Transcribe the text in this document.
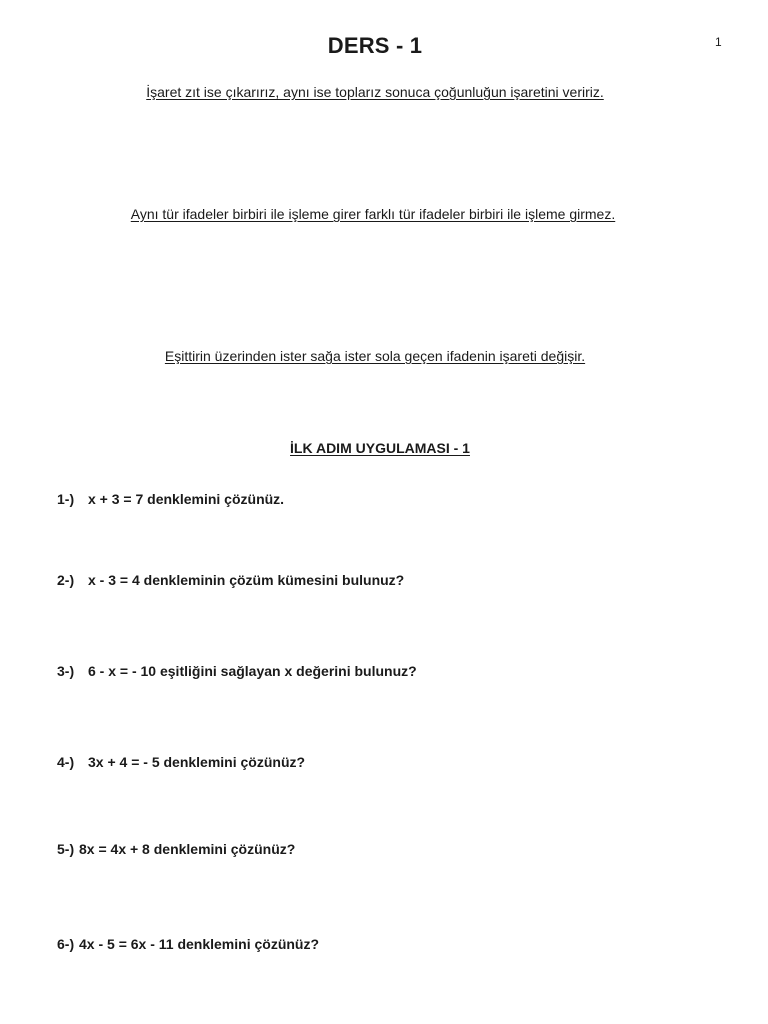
DERS - 1	1
İşaret zıt ise çıkarırız, aynı ise toplarız sonuca çoğunluğun işaretini veririz.
Aynı tür ifadeler birbiri ile işleme girer farklı tür ifadeler birbiri ile işleme girmez.
Eşittirin üzerinden ister sağa ister sola geçen ifadenin işareti değişir.
İLK ADIM UYGULAMASI - 1
1-) x + 3 = 7 denklemini çözünüz.
2-) x - 3 = 4 denkleminin çözüm kümesini bulunuz?
3-) 6 - x = - 10 eşitliğini sağlayan x değerini bulunuz?
4-) 3x + 4 = - 5 denklemini çözünüz?
5-) 8x = 4x + 8 denklemini çözünüz?
6-) 4x - 5 = 6x - 11 denklemini çözünüz?
